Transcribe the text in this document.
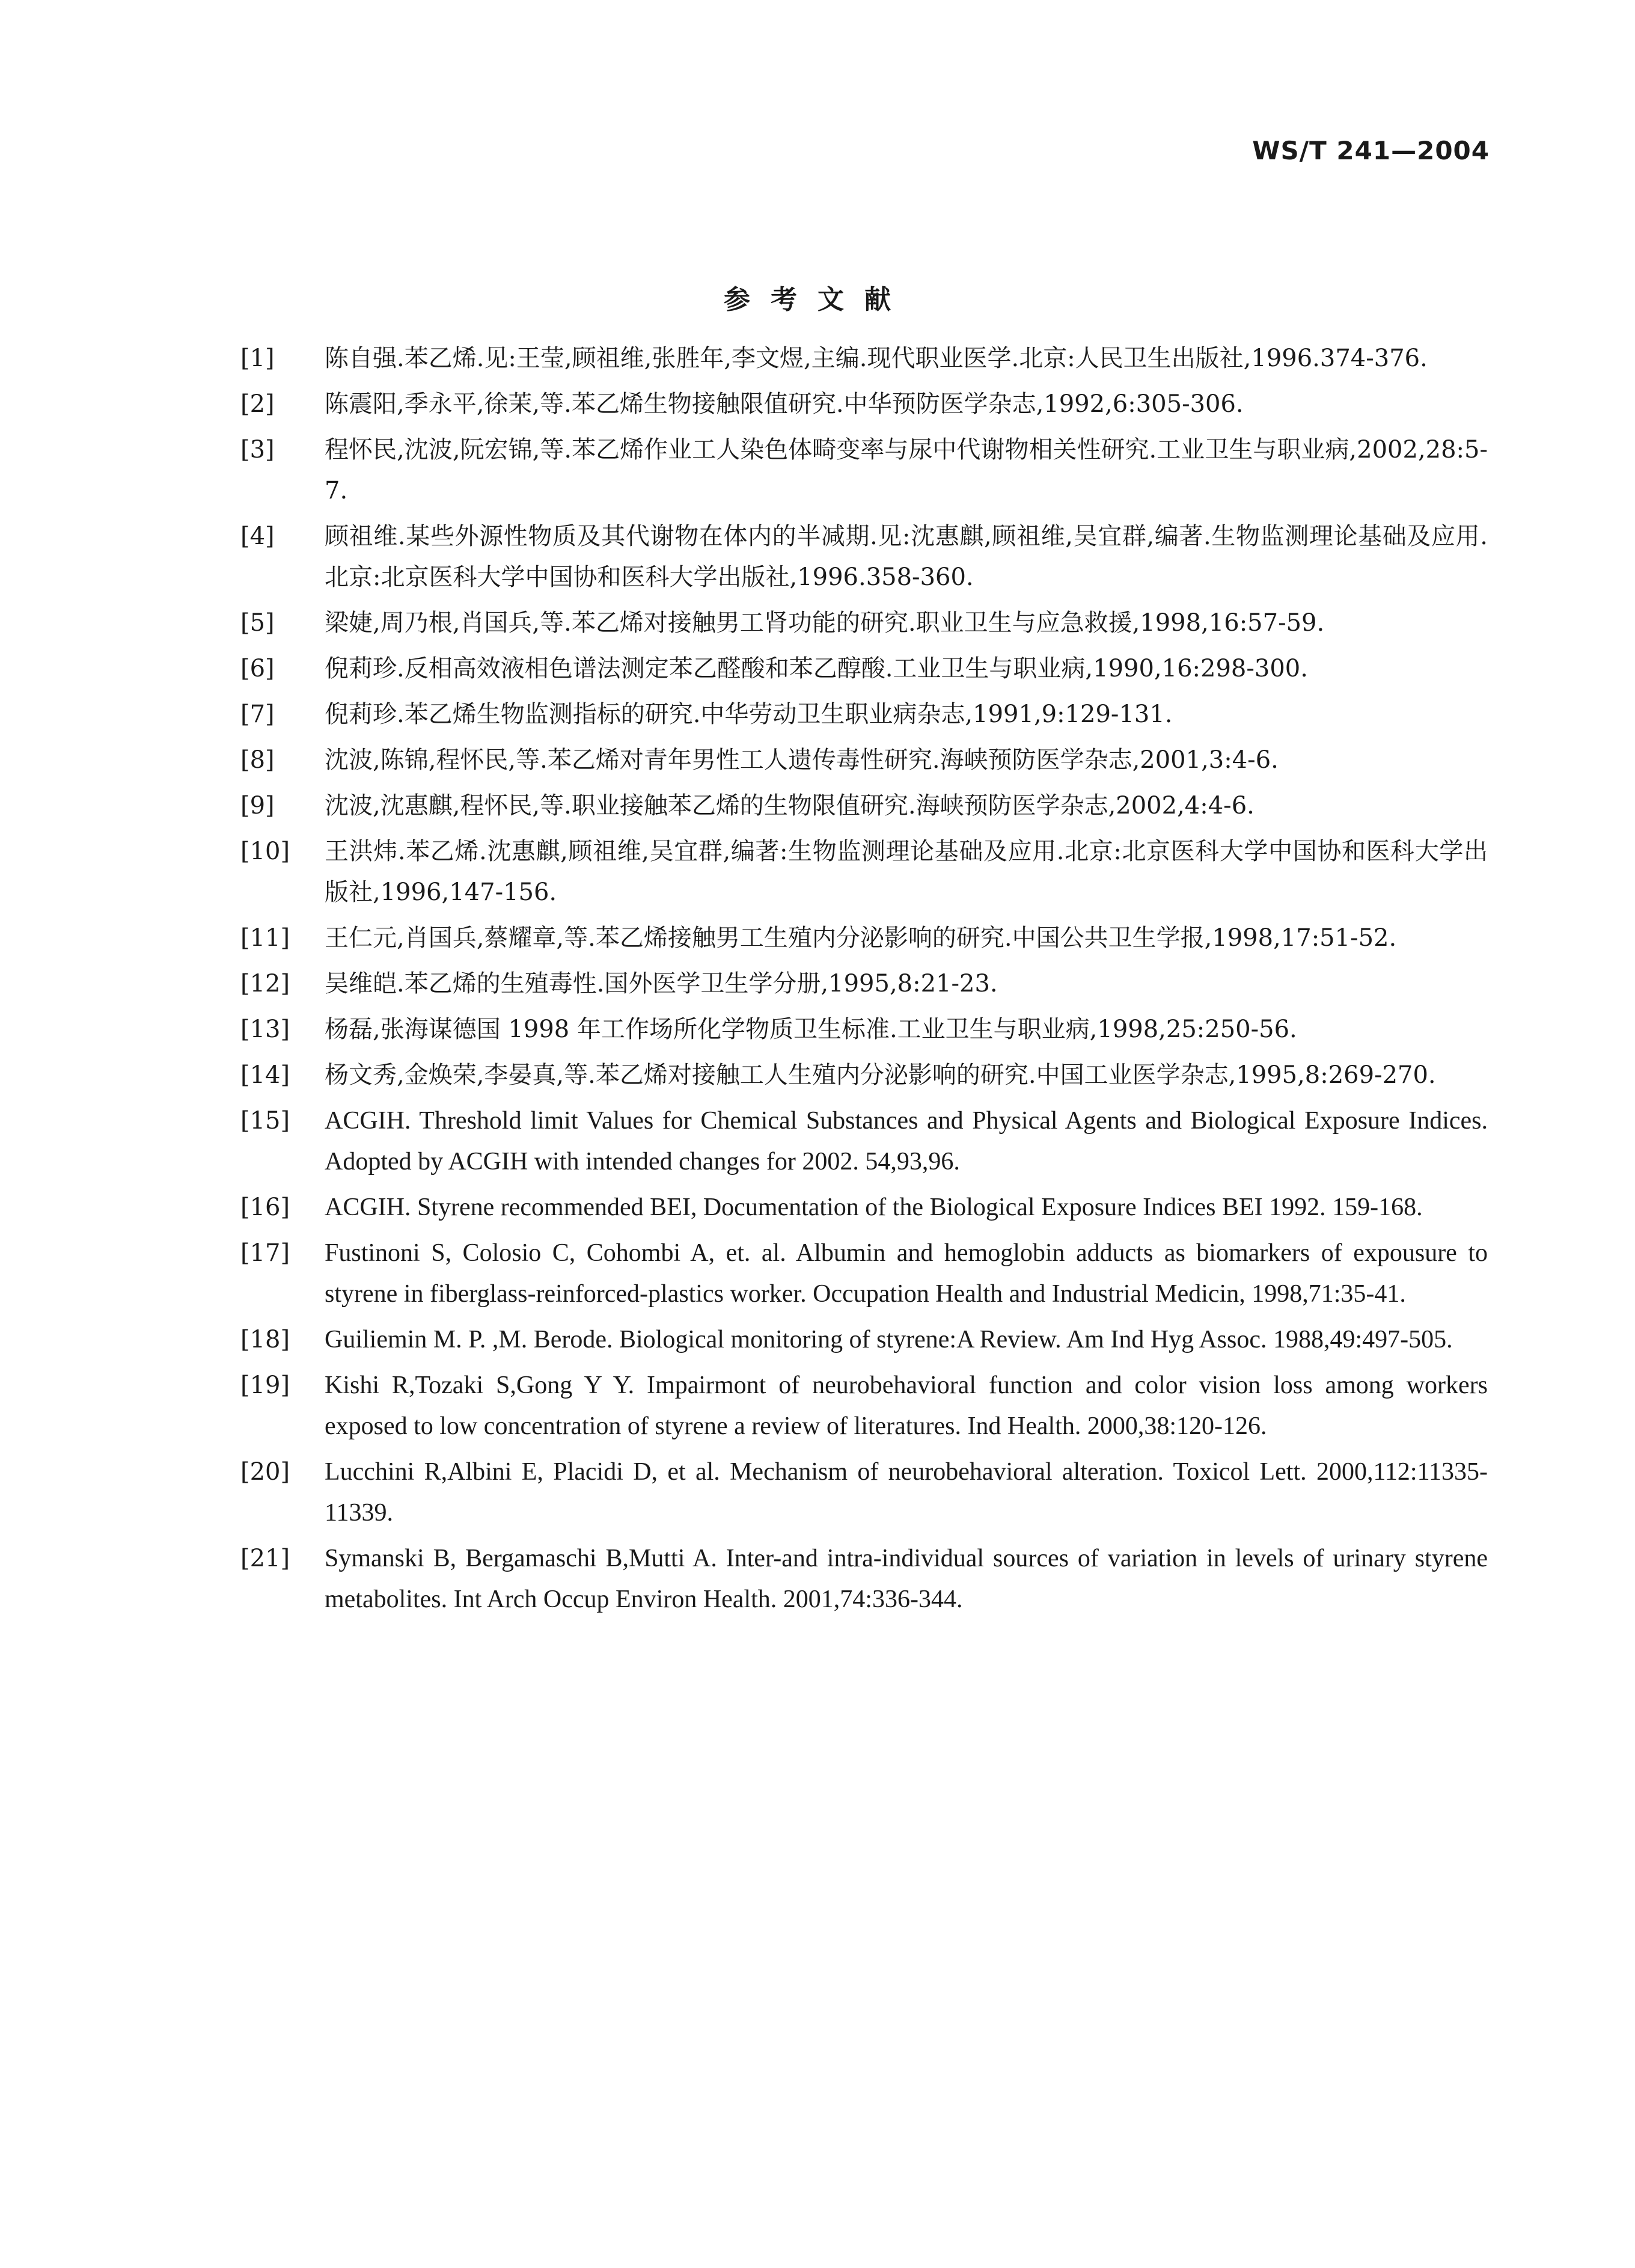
WS/T 241—2004
参考文献
[1]	陈自强.苯乙烯.见:王莹,顾祖维,张胜年,李文煜,主编.现代职业医学.北京:人民卫生出版社,1996.374-376.
[2]	陈震阳,季永平,徐茉,等.苯乙烯生物接触限值研究.中华预防医学杂志,1992,6:305-306.
[3]	程怀民,沈波,阮宏锦,等.苯乙烯作业工人染色体畸变率与尿中代谢物相关性研究.工业卫生与职业病,2002,28:5-7.
[4]	顾祖维.某些外源性物质及其代谢物在体内的半减期.见:沈惠麒,顾祖维,吴宜群,编著.生物监测理论基础及应用.北京:北京医科大学中国协和医科大学出版社,1996.358-360.
[5]	梁婕,周乃根,肖国兵,等.苯乙烯对接触男工肾功能的研究.职业卫生与应急救援,1998,16:57-59.
[6]	倪莉珍.反相高效液相色谱法测定苯乙醛酸和苯乙醇酸.工业卫生与职业病,1990,16:298-300.
[7]	倪莉珍.苯乙烯生物监测指标的研究.中华劳动卫生职业病杂志,1991,9:129-131.
[8]	沈波,陈锦,程怀民,等.苯乙烯对青年男性工人遗传毒性研究.海峡预防医学杂志,2001,3:4-6.
[9]	沈波,沈惠麒,程怀民,等.职业接触苯乙烯的生物限值研究.海峡预防医学杂志,2002,4:4-6.
[10]	王洪炜.苯乙烯.沈惠麒,顾祖维,吴宜群,编著:生物监测理论基础及应用.北京:北京医科大学中国协和医科大学出版社,1996,147-156.
[11]	王仁元,肖国兵,蔡耀章,等.苯乙烯接触男工生殖内分泌影响的研究.中国公共卫生学报,1998,17:51-52.
[12]	吴维皑.苯乙烯的生殖毒性.国外医学卫生学分册,1995,8:21-23.
[13]	杨磊,张海谋德国 1998 年工作场所化学物质卫生标准.工业卫生与职业病,1998,25:250-56.
[14]	杨文秀,金焕荣,李晏真,等.苯乙烯对接触工人生殖内分泌影响的研究.中国工业医学杂志,1995,8:269-270.
[15]	ACGIH. Threshold limit Values for Chemical Substances and Physical Agents and Biological Exposure Indices. Adopted by ACGIH with intended changes for 2002. 54,93,96.
[16]	ACGIH. Styrene recommended BEI, Documentation of the Biological Exposure Indices BEI 1992. 159-168.
[17]	Fustinoni S, Colosio C, Cohombi A, et. al. Albumin and hemoglobin adducts as biomarkers of expousure to styrene in fiberglass-reinforced-plastics worker. Occupation Health and Industrial Medicin, 1998,71:35-41.
[18]	Guiliemin M. P. ,M. Berode. Biological monitoring of styrene:A Review. Am Ind Hyg Assoc. 1988,49:497-505.
[19]	Kishi R,Tozaki S,Gong Y Y. Impairmont of neurobehavioral function and color vision loss among workers exposed to low concentration of styrene a review of literatures. Ind Health. 2000,38:120-126.
[20]	Lucchini R,Albini E, Placidi D, et al. Mechanism of neurobehavioral alteration. Toxicol Lett. 2000,112:11335-11339.
[21]	Symanski B, Bergamaschi B,Mutti A. Inter-and intra-individual sources of variation in levels of urinary styrene metabolites. Int Arch Occup Environ Health. 2001,74:336-344.
